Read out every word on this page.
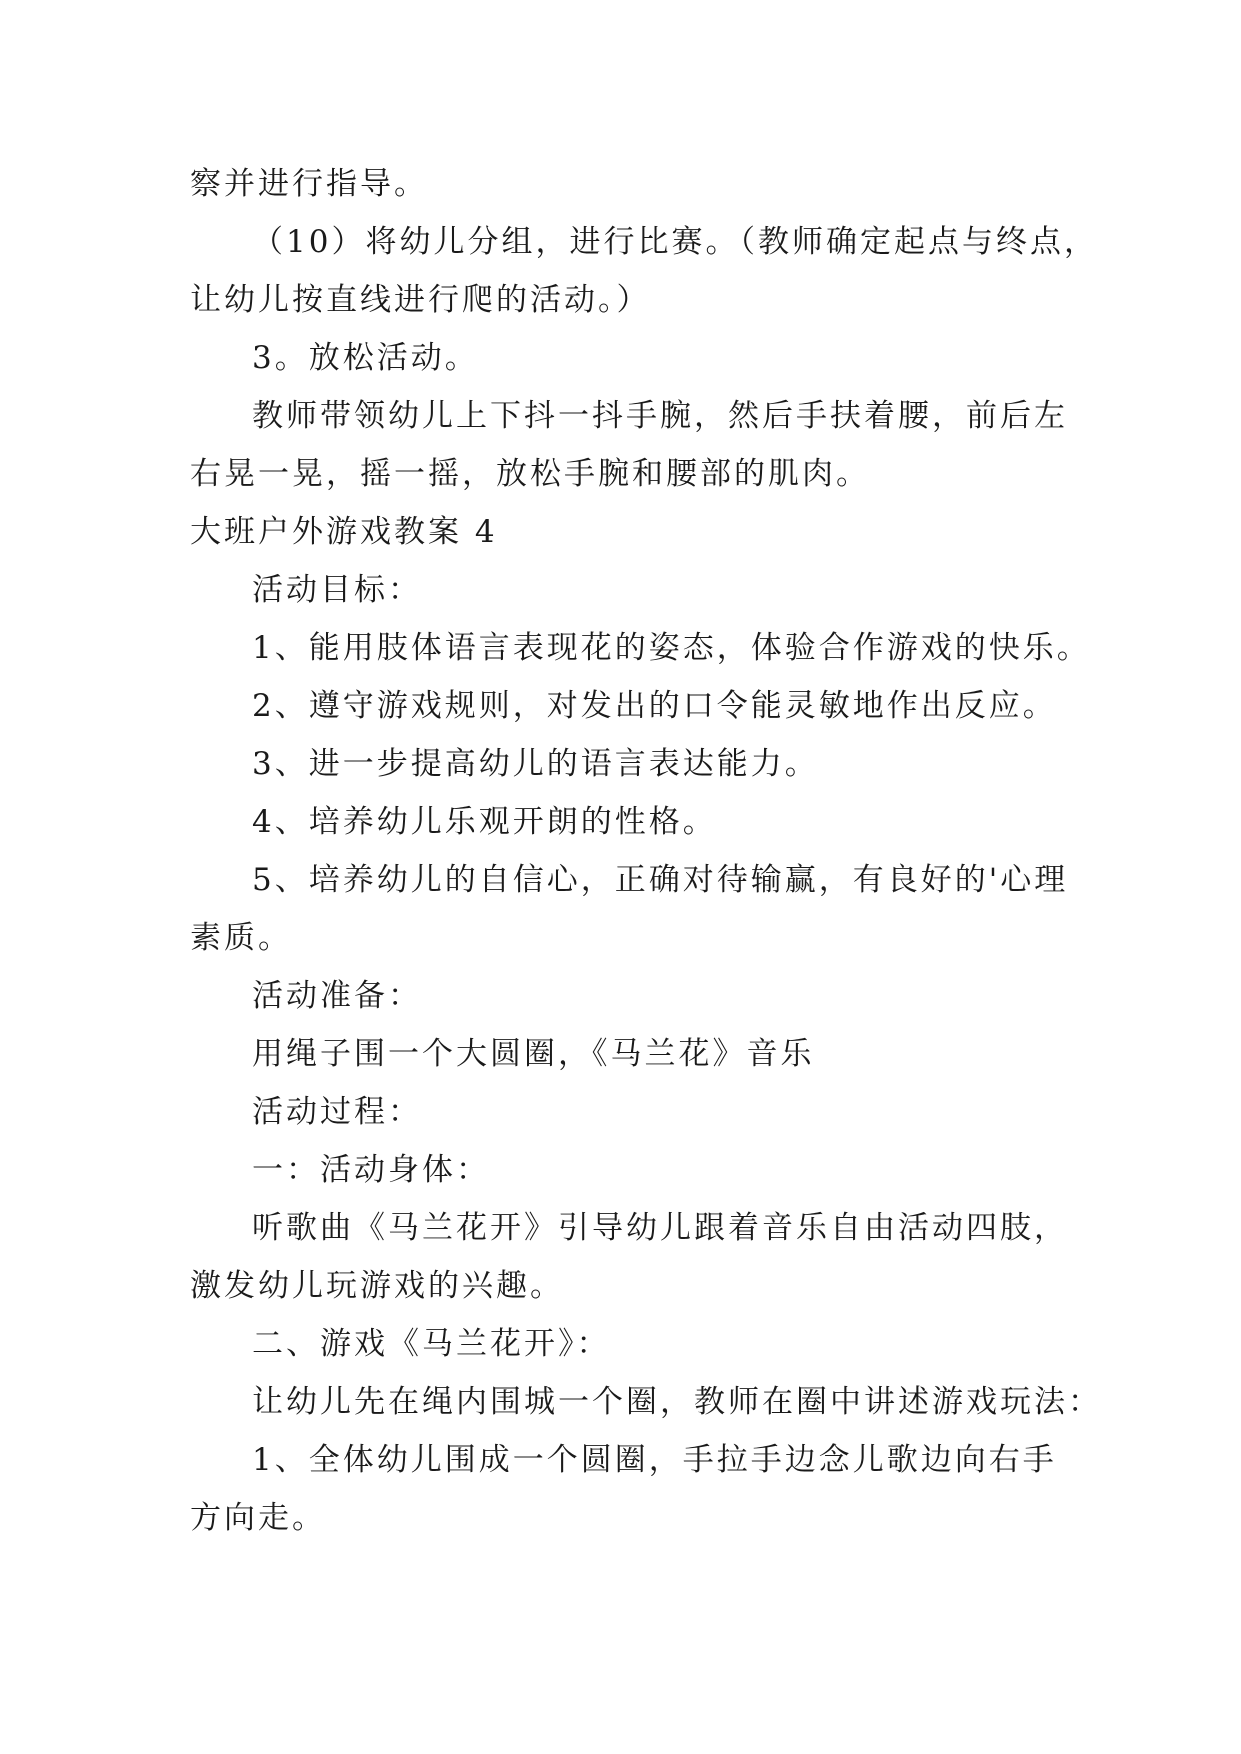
察并进行指导。

（10）将幼儿分组，进行比赛。（教师确定起点与终点，

让幼儿按直线进行爬的活动。）

3。放松活动。

教师带领幼儿上下抖一抖手腕，然后手扶着腰，前后左

右晃一晃，摇一摇，放松手腕和腰部的肌肉。

大班户外游戏教案 4

活动目标：

1、能用肢体语言表现花的姿态，体验合作游戏的快乐。

2、遵守游戏规则，对发出的口令能灵敏地作出反应。

3、进一步提高幼儿的语言表达能力。

4、培养幼儿乐观开朗的性格。

5、培养幼儿的自信心，正确对待输赢，有良好的'心理

素质。

活动准备：

用绳子围一个大圆圈，《马兰花》音乐

活动过程：

一：活动身体：

听歌曲《马兰花开》引导幼儿跟着音乐自由活动四肢，

激发幼儿玩游戏的兴趣。

二、游戏《马兰花开》：

让幼儿先在绳内围城一个圈，教师在圈中讲述游戏玩法：

1、全体幼儿围成一个圆圈，手拉手边念儿歌边向右手

方向走。
